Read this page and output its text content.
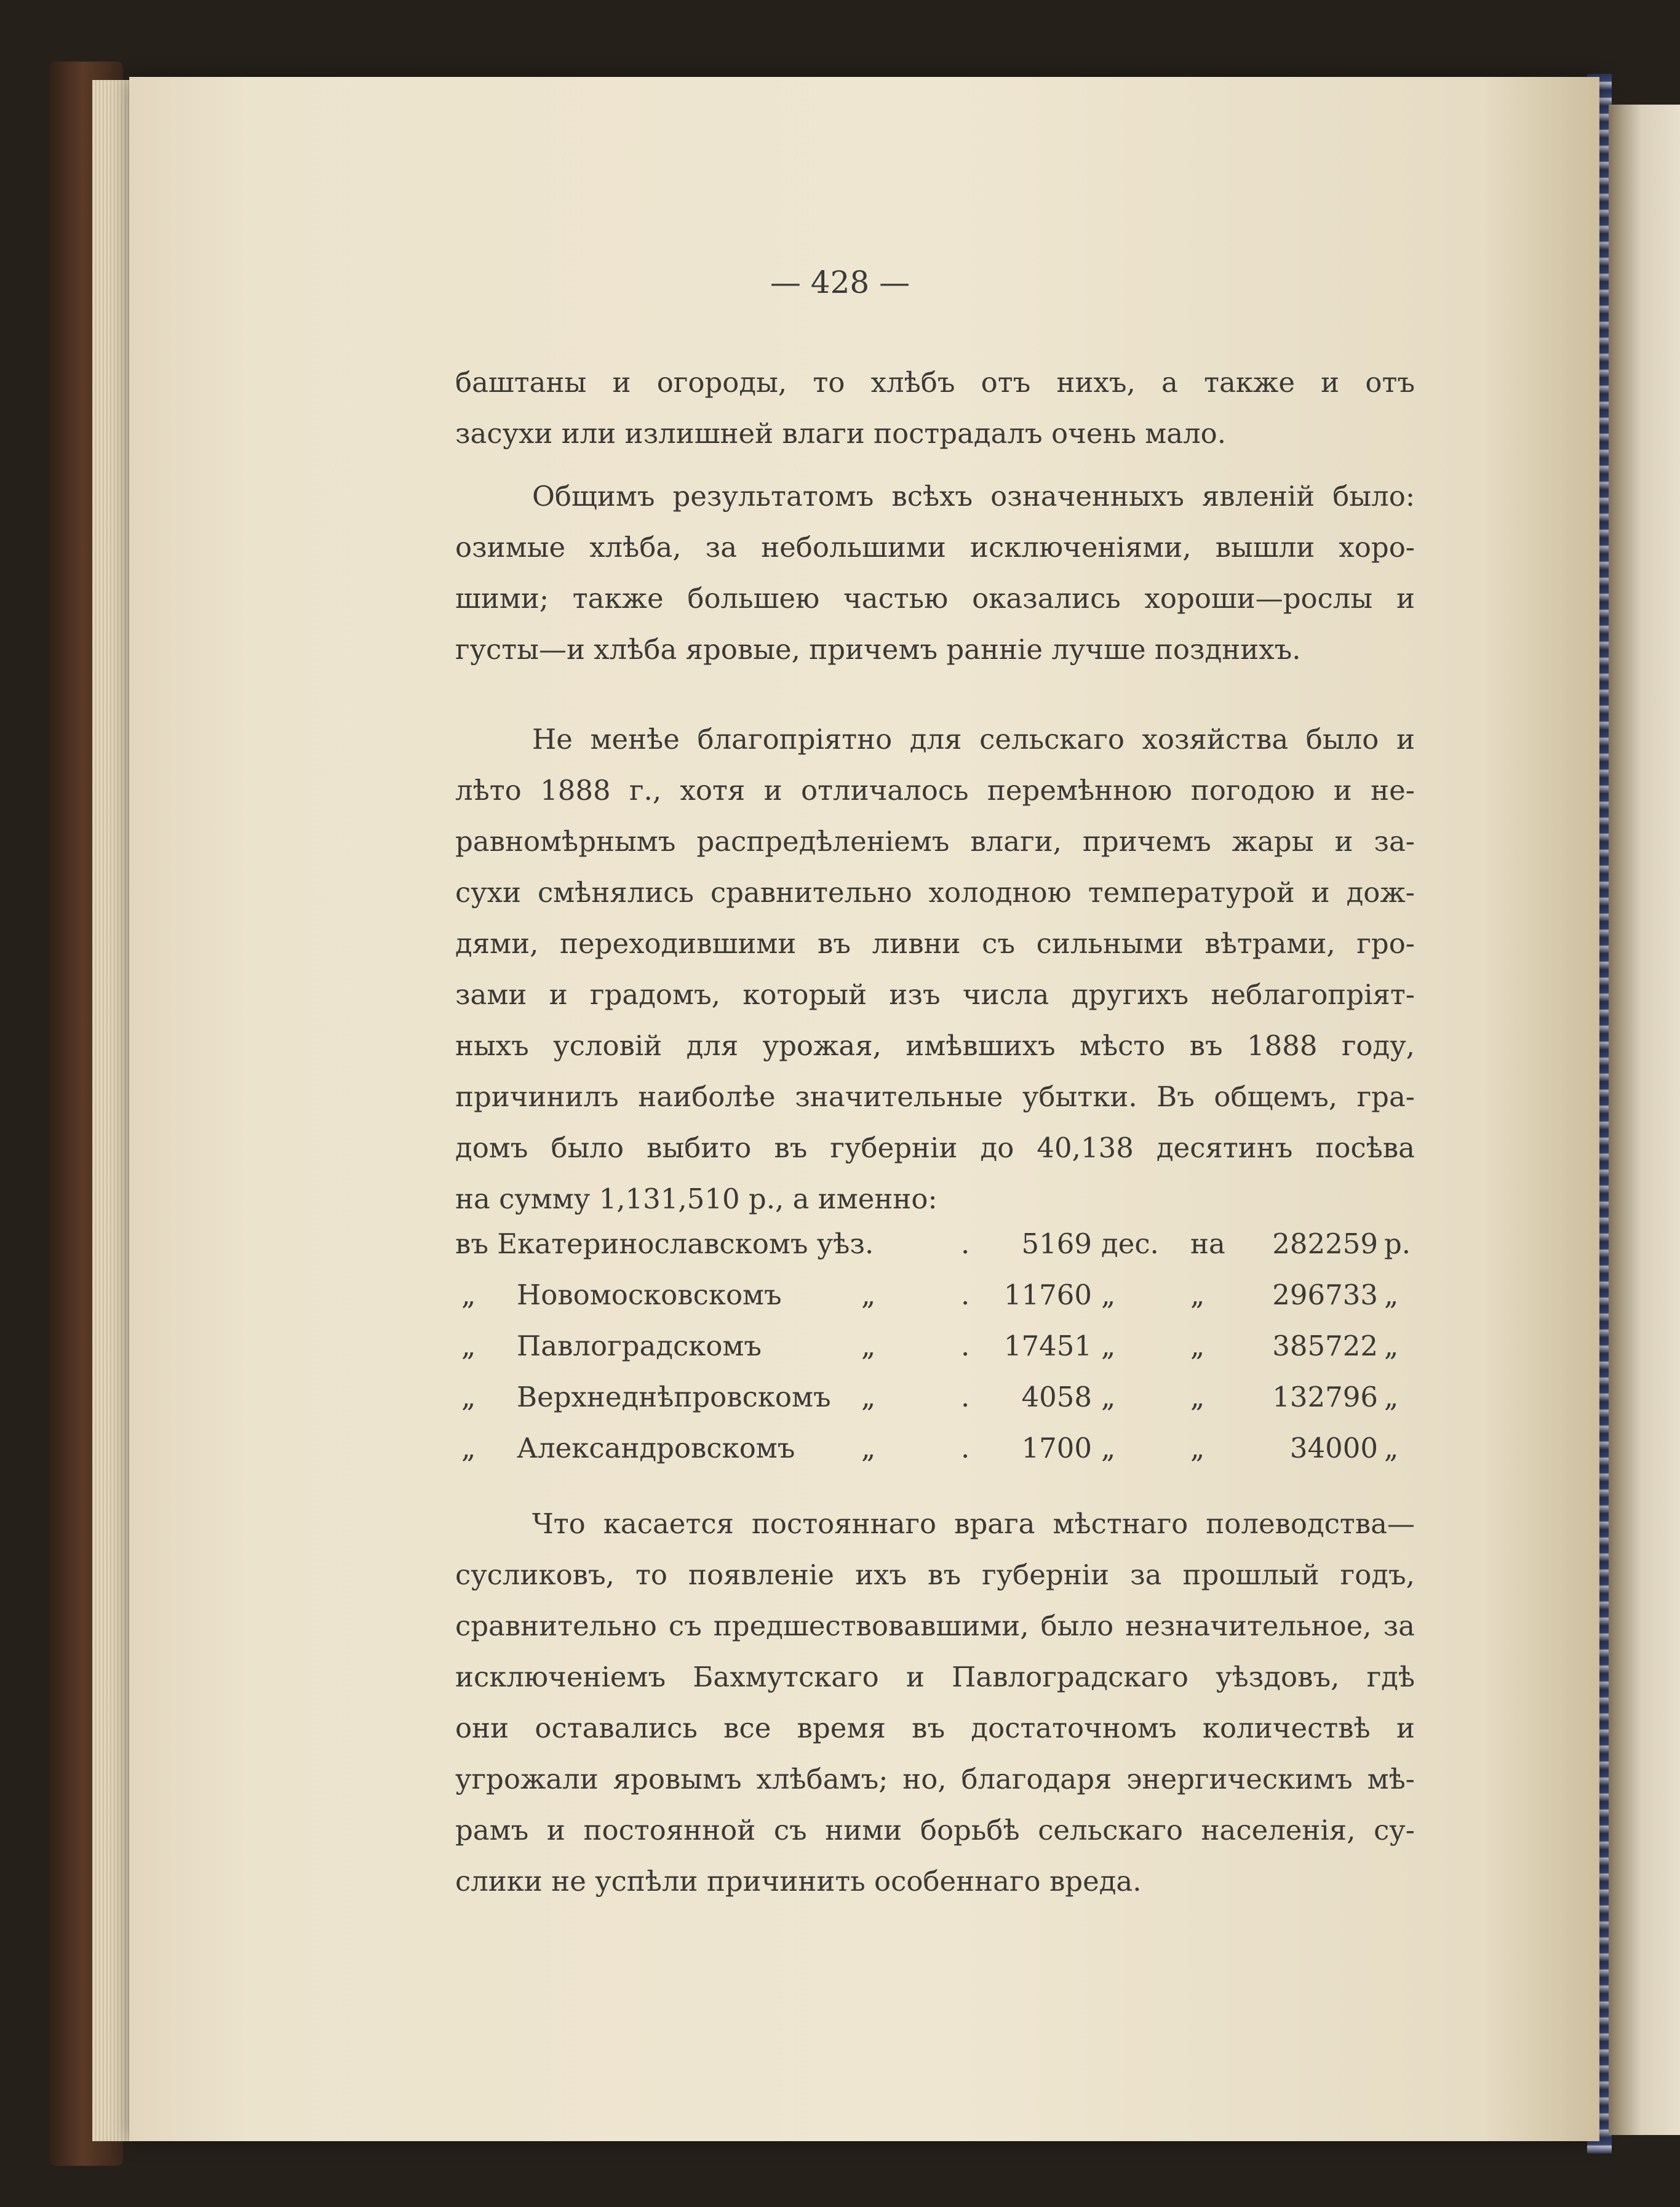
— 428 —
баштаны и огороды, то хлѣбъ отъ нихъ, а также и отъ
засухи или излишней влаги пострадалъ очень мало.
Общимъ результатомъ всѣхъ означенныхъ явленій было:
озимые хлѣба, за небольшими исключеніями, вышли хоро-
шими; также большею частью оказались хороши—рослы и
густы—и хлѣба яровые, причемъ ранніе лучше позднихъ.
Не менѣе благопріятно для сельскаго хозяйства было и
лѣто 1888 г., хотя и отличалось перемѣнною погодою и не-
равномѣрнымъ распредѣленіемъ влаги, причемъ жары и за-
сухи смѣнялись сравнительно холодною температурой и дож-
дями, переходившими въ ливни съ сильными вѣтрами, гро-
зами и градомъ, который изъ числа другихъ неблагопріят-
ныхъ условій для урожая, имѣвшихъ мѣсто въ 1888 году,
причинилъ наиболѣе значительные убытки. Въ общемъ, гра-
домъ было выбито въ губерніи до 40,138 десятинъ посѣва
на сумму 1,131,510 р., а именно:
въ Екатеринославскомъ уѣз.	. 5169 дес. на 282259 р.
„ Новомосковскомъ	„	. 11760 „	„ 296733 „
„ Павлоградскомъ	„	. 17451 „	„ 385722 „
„ Верхнеднѣпровскомъ „	. 4058 „	„ 132796 „
„ Александровскомъ „	. 1700 „	„	34000 „
Что касается постояннаго врага мѣстнаго полеводства—
сусликовъ, то появленіе ихъ въ губерніи за прошлый годъ,
сравнительно съ предшествовавшими, было незначительное, за
исключеніемъ Бахмутскаго и Павлоградскаго уѣздовъ, гдѣ
они оставались все время въ достаточномъ количествѣ и
угрожали яровымъ хлѣбамъ; но, благодаря энергическимъ мѣ-
рамъ и постоянной съ ними борьбѣ сельскаго населенія, су-
слики не успѣли причинить особеннаго вреда.
